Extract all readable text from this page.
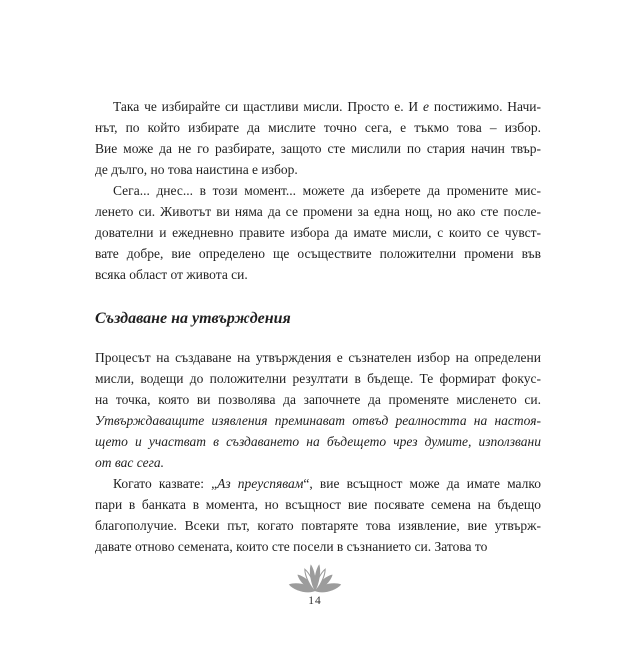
Така че избирайте си щастливи мисли. Просто е. И е постижимо. Начи-
нът, по който избирате да мислите точно сега, е тъкмо това – избор.
Вие може да не го разбирате, защото сте мислили по стария начин твър-
де дълго, но това наистина е избор.
Сега... днес... в този момент... можете да изберете да промените мис-
ленето си. Животът ви няма да се промени за една нощ, но ако сте после-
дователни и ежедневно правите избора да имате мисли, с които се чувст-
вате добре, вие определено ще осъществите положителни промени във
всяка област от живота си.
Създаване на утвърждения
Процесът на създаване на утвърждения е съзнателен избор на определени
мисли, водещи до положителни резултати в бъдеще. Те формират фокус-
на точка, която ви позволява да започнете да променяте мисленето си.
Утвърждаващите изявления преминават отвъд реалността на настоя-
щето и участват в създаването на бъдещето чрез думите, използвани
от вас сега.
Когато казвате: „Аз преуспявам“, вие всъщност може да имате малко
пари в банката в момента, но всъщност вие посявате семена на бъдещо
благополучие. Всеки път, когато повтаряте това изявление, вие утвърж-
давате отново семената, които сте посели в съзнанието си. Затова то
14
